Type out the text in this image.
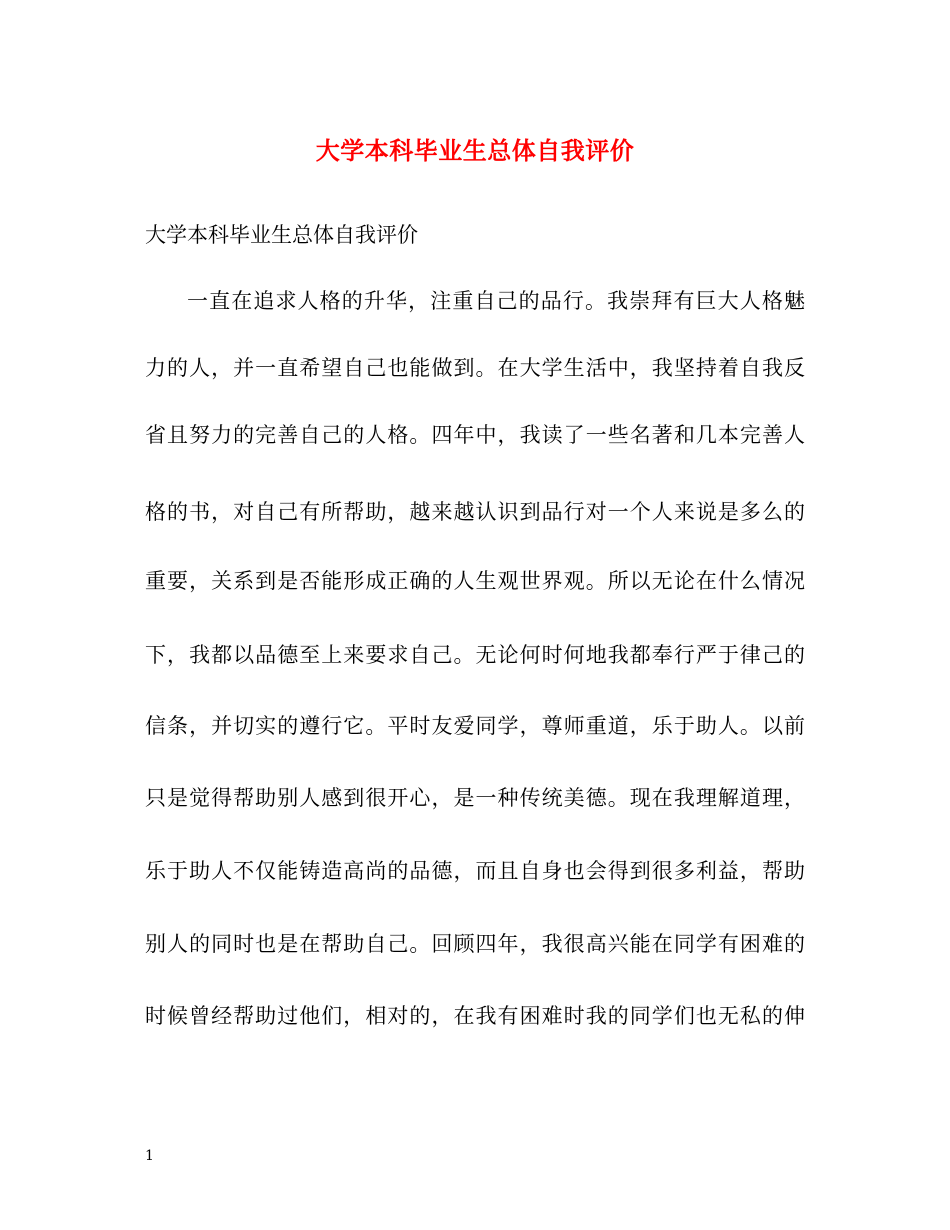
大学本科毕业生总体自我评价
大学本科毕业生总体自我评价
一直在追求人格的升华，注重自己的品行。我崇拜有巨大人格魅
力的人，并一直希望自己也能做到。在大学生活中，我坚持着自我反
省且努力的完善自己的人格。四年中，我读了一些名著和几本完善人
格的书，对自己有所帮助，越来越认识到品行对一个人来说是多么的
重要，关系到是否能形成正确的人生观世界观。所以无论在什么情况
下，我都以品德至上来要求自己。无论何时何地我都奉行严于律己的
信条，并切实的遵行它。平时友爱同学，尊师重道，乐于助人。以前
只是觉得帮助别人感到很开心，是一种传统美德。现在我理解道理，
乐于助人不仅能铸造高尚的品德，而且自身也会得到很多利益，帮助
别人的同时也是在帮助自己。回顾四年，我很高兴能在同学有困难的
时候曾经帮助过他们，相对的，在我有困难时我的同学们也无私的伸
1
